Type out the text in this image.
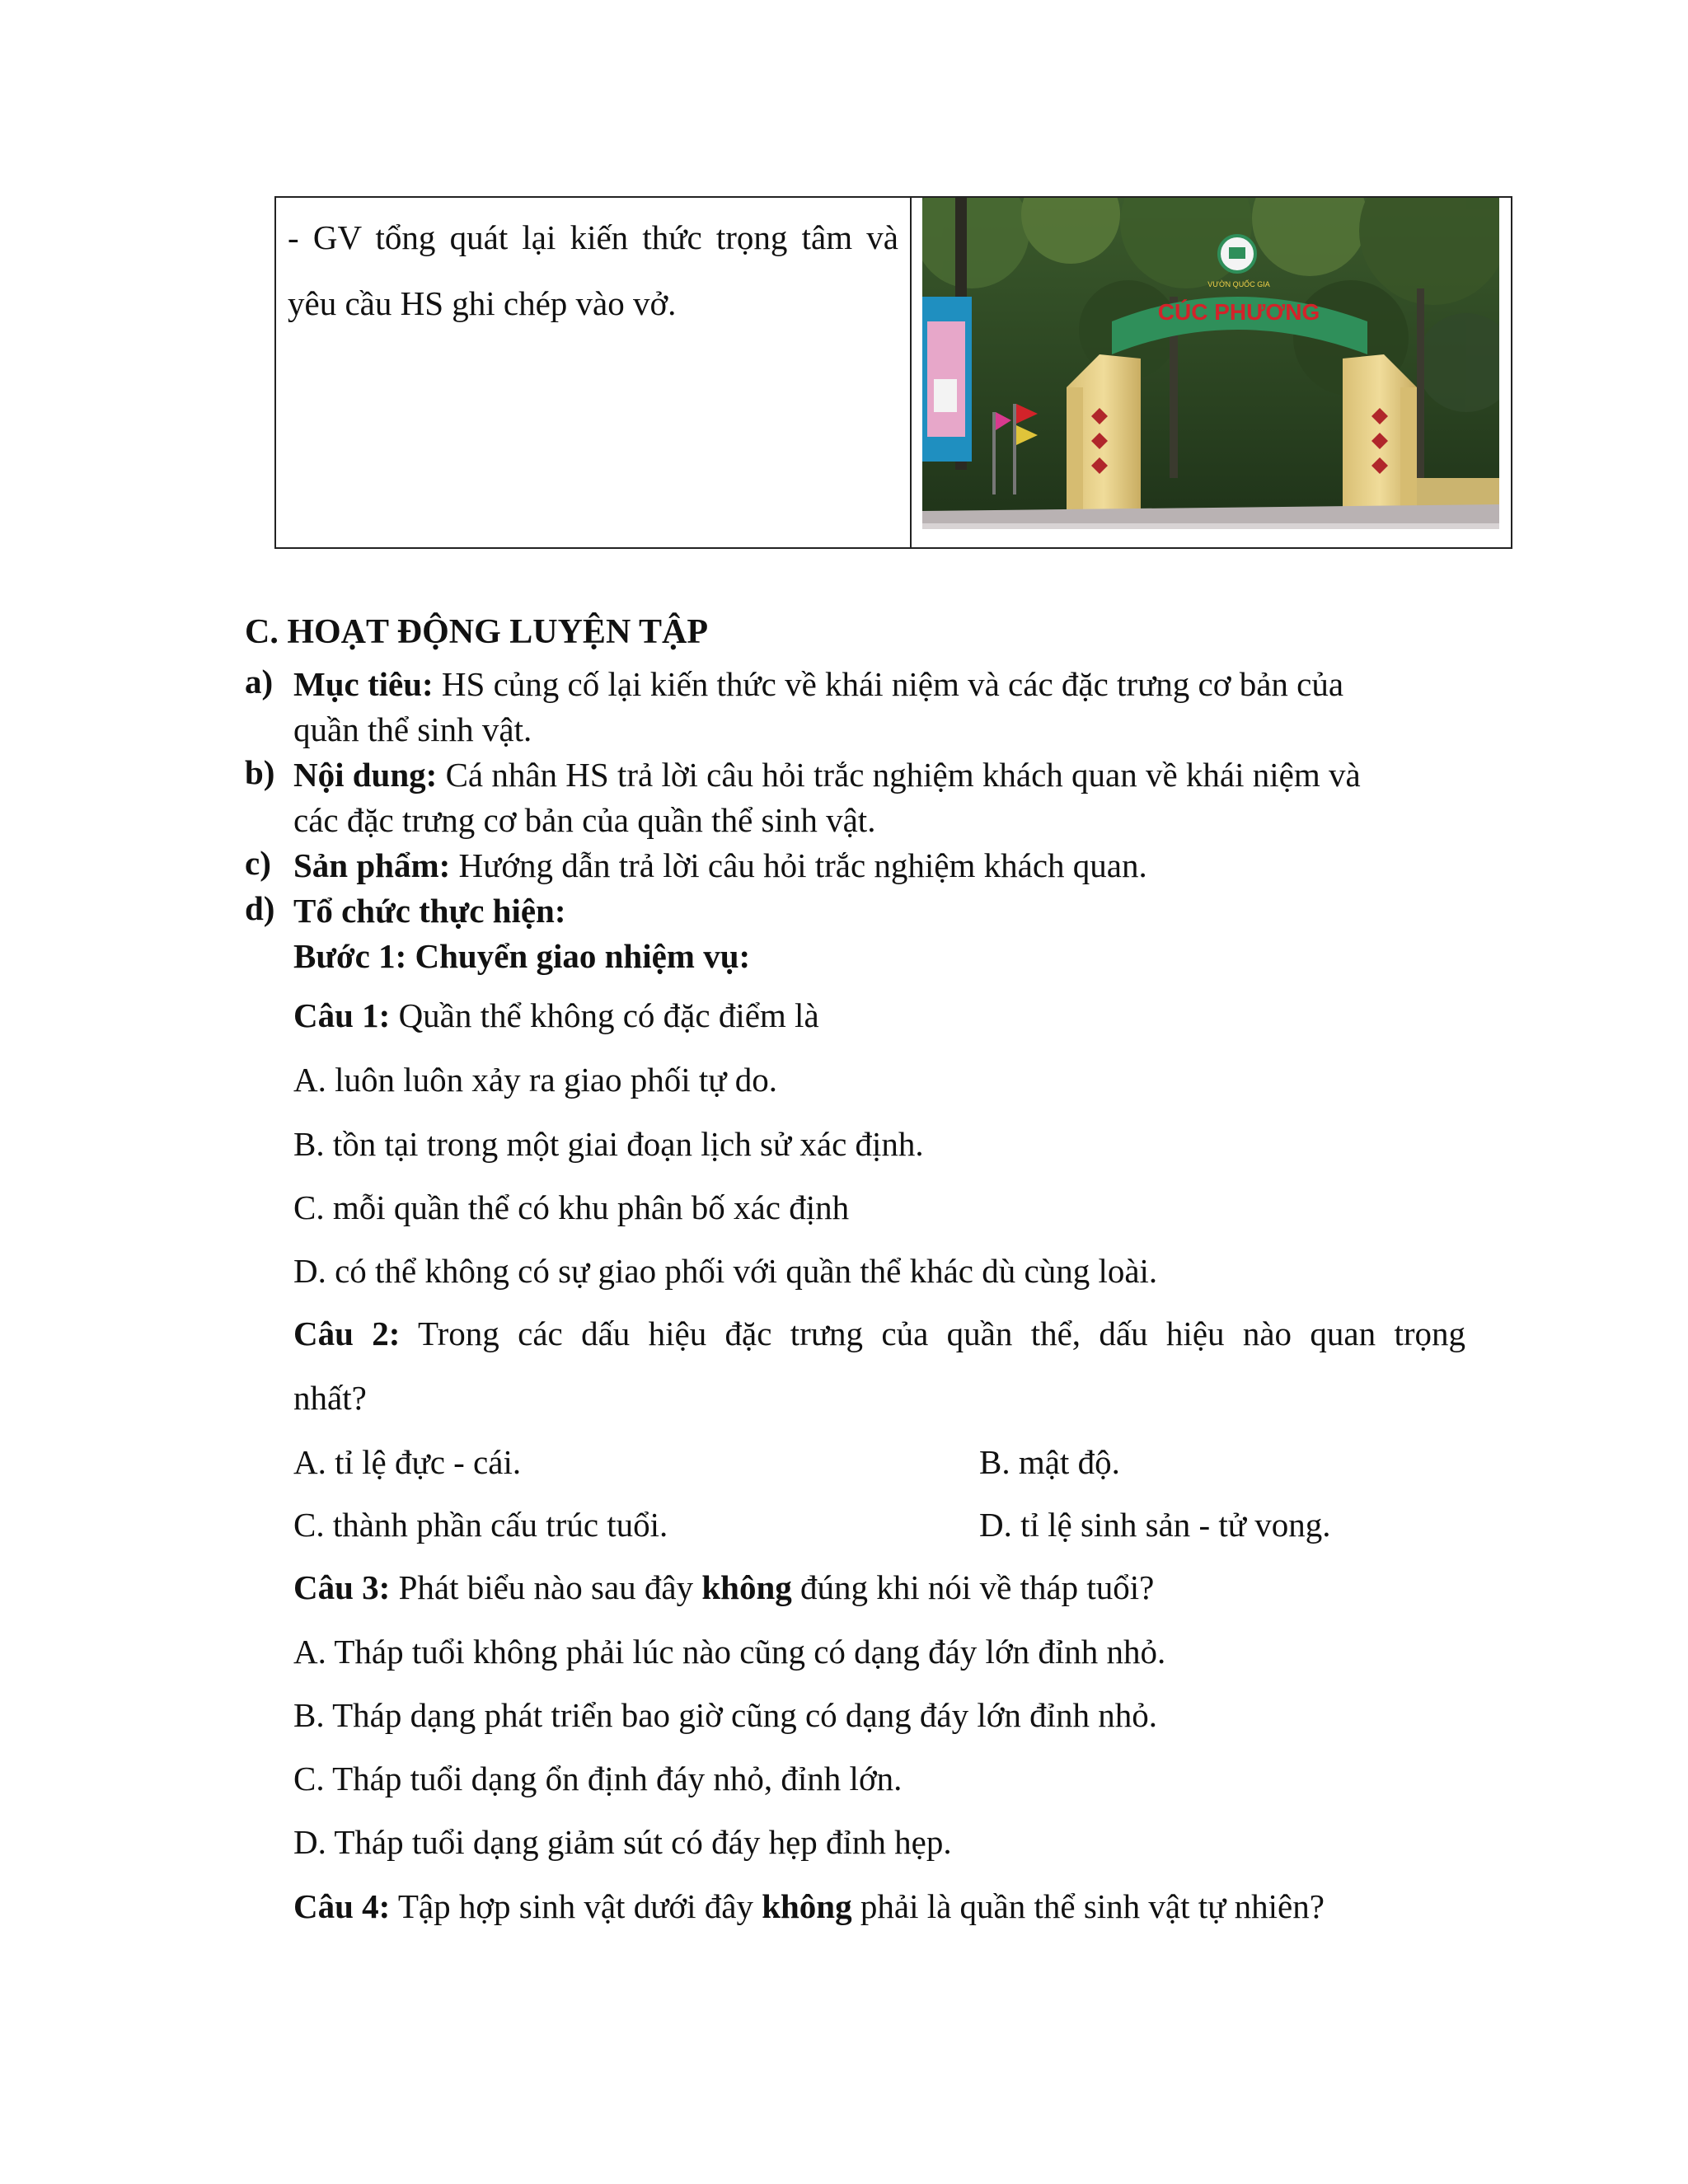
- GV tổng quát lại kiến thức trọng tâm và yêu cầu HS ghi chép vào vở.	CÚC PHƯƠNG
VƯỜN QUỐC GIA
C. HOẠT ĐỘNG LUYỆN TẬP
a) Mục tiêu: HS củng cố lại kiến thức về khái niệm và các đặc trưng cơ bản của
quần thể sinh vật.
b) Nội dung: Cá nhân HS trả lời câu hỏi trắc nghiệm khách quan về khái niệm và
các đặc trưng cơ bản của quần thể sinh vật.
c) Sản phẩm: Hướng dẫn trả lời câu hỏi trắc nghiệm khách quan.
d) Tổ chức thực hiện:
Bước 1: Chuyển giao nhiệm vụ:
Câu 1: Quần thể không có đặc điểm là
A. luôn luôn xảy ra giao phối tự do.
B. tồn tại trong một giai đoạn lịch sử xác định.
C. mỗi quần thể có khu phân bố xác định
D. có thể không có sự giao phối với quần thể khác dù cùng loài.
Câu 2: Trong các dấu hiệu đặc trưng của quần thể, dấu hiệu nào quan trọng
nhất?
A. tỉ lệ đực - cái.	B. mật độ.
C. thành phần cấu trúc tuổi.	D. tỉ lệ sinh sản - tử vong.
Câu 3: Phát biểu nào sau đây không đúng khi nói về tháp tuổi?
A. Tháp tuổi không phải lúc nào cũng có dạng đáy lớn đỉnh nhỏ.
B. Tháp dạng phát triển bao giờ cũng có dạng đáy lớn đỉnh nhỏ.
C. Tháp tuổi dạng ổn định đáy nhỏ, đỉnh lớn.
D. Tháp tuổi dạng giảm sút có đáy hẹp đỉnh hẹp.
Câu 4: Tập hợp sinh vật dưới đây không phải là quần thể sinh vật tự nhiên?
